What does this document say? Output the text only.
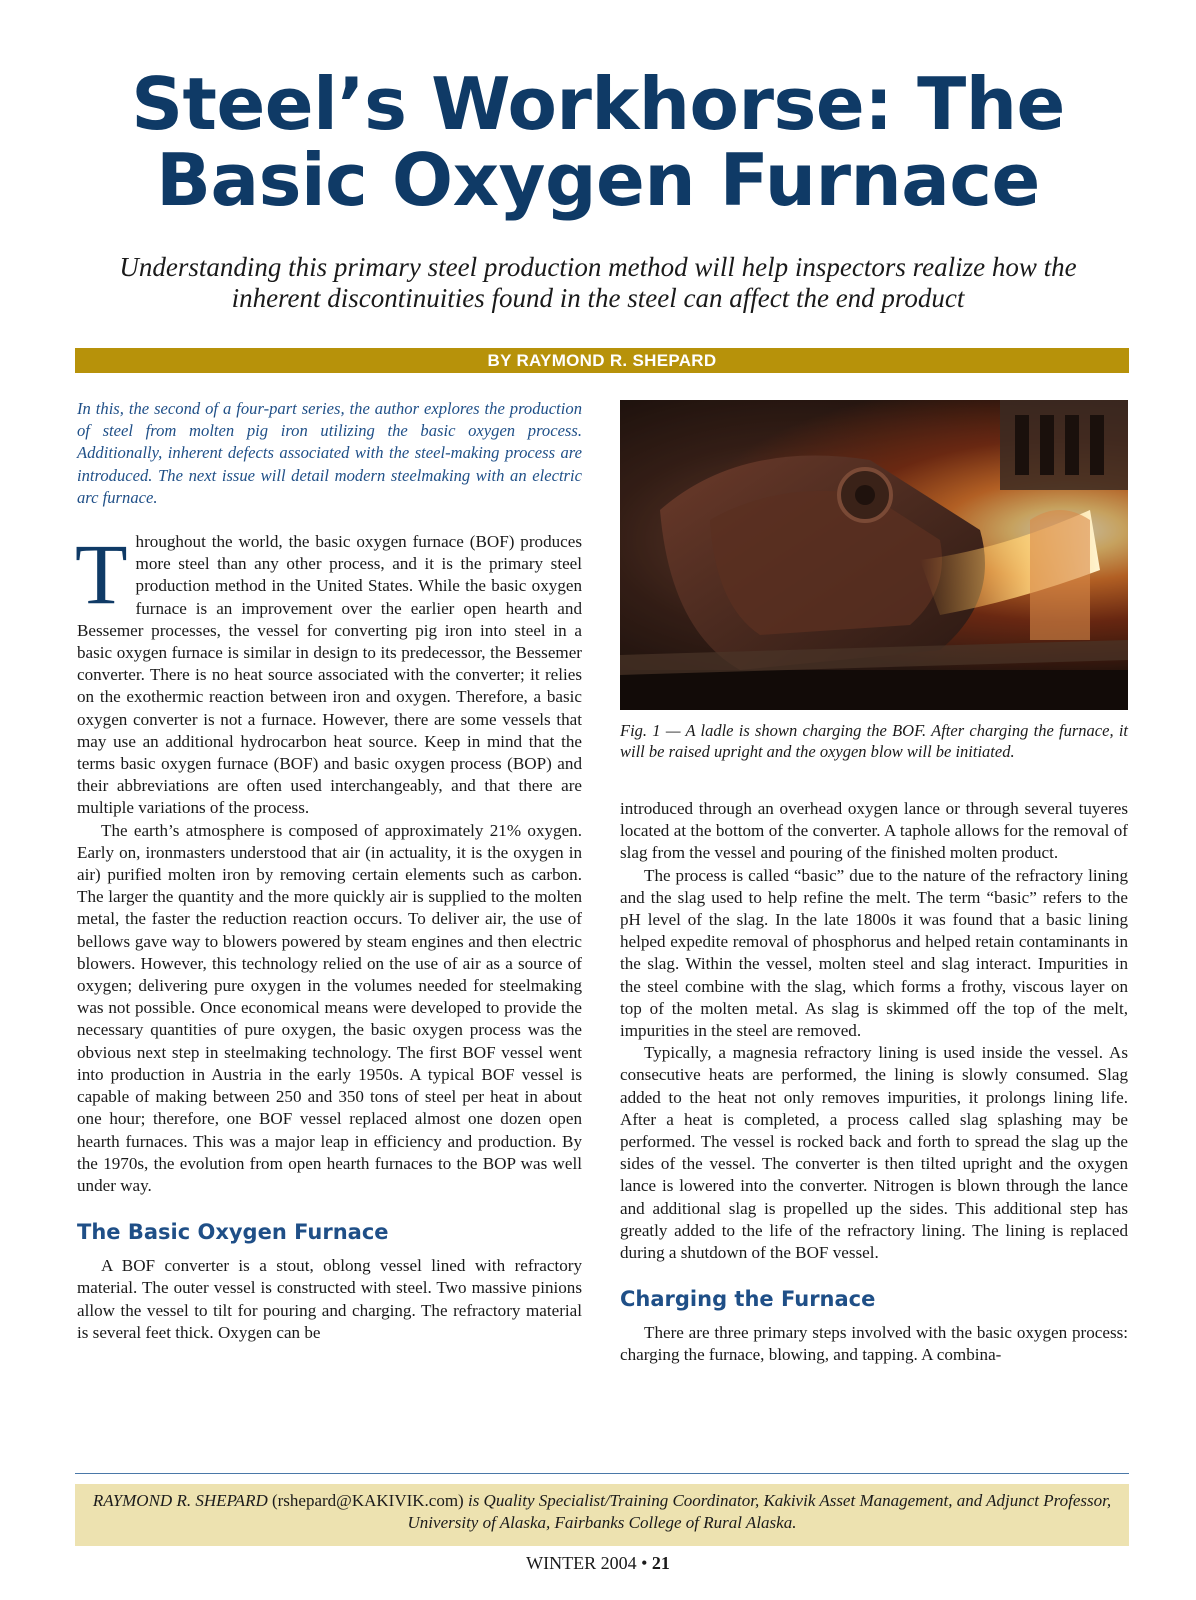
Steel’s Workhorse: The
Basic Oxygen Furnace
Understanding this primary steel production method will help inspectors realize how the inherent discontinuities found in the steel can affect the end product
BY RAYMOND R. SHEPARD

In this, the second of a four-part series, the author explores the production of steel from molten pig iron utilizing the basic oxygen process. Additionally, inherent defects associated with the steel-making process are introduced. The next issue will detail modern steelmaking with an electric arc furnace.

Throughout the world, the basic oxygen furnace (BOF) produces more steel than any other process, and it is the primary steel production method in the United States. While the basic oxygen furnace is an improvement over the earlier open hearth and Bessemer processes, the vessel for converting pig iron into steel in a basic oxygen furnace is similar in design to its predecessor, the Bessemer converter. There is no heat source associated with the converter; it relies on the exothermic reaction between iron and oxygen. Therefore, a basic oxygen converter is not a furnace. However, there are some vessels that may use an additional hydrocarbon heat source. Keep in mind that the terms basic oxygen furnace (BOF) and basic oxygen process (BOP) and their abbreviations are often used interchangeably, and that there are multiple variations of the process.

The earth’s atmosphere is composed of approximately 21% oxygen. Early on, ironmasters understood that air (in actuality, it is the oxygen in air) purified molten iron by removing certain elements such as carbon. The larger the quantity and the more quickly air is supplied to the molten metal, the faster the reduction reaction occurs. To deliver air, the use of bellows gave way to blowers powered by steam engines and then electric blowers. However, this technology relied on the use of air as a source of oxygen; delivering pure oxygen in the volumes needed for steelmaking was not possible. Once economical means were developed to provide the necessary quantities of pure oxygen, the basic oxygen process was the obvious next step in steelmaking technology. The first BOF vessel went into production in Austria in the early 1950s. A typical BOF vessel is capable of making between 250 and 350 tons of steel per heat in about one hour; therefore, one BOF vessel replaced almost one dozen open hearth furnaces. This was a major leap in efficiency and production. By the 1970s, the evolution from open hearth furnaces to the BOP was well under way.

The Basic Oxygen Furnace

A BOF converter is a stout, oblong vessel lined with refractory material. The outer vessel is constructed with steel. Two massive pinions allow the vessel to tilt for pouring and charging. The refractory material is several feet thick. Oxygen can be

Fig. 1 — A ladle is shown charging the BOF. After charging the furnace, it will be raised upright and the oxygen blow will be initiated.

introduced through an overhead oxygen lance or through several tuyeres located at the bottom of the converter. A taphole allows for the removal of slag from the vessel and pouring of the finished molten product.

The process is called “basic” due to the nature of the refractory lining and the slag used to help refine the melt. The term “basic” refers to the pH level of the slag. In the late 1800s it was found that a basic lining helped expedite removal of phosphorus and helped retain contaminants in the slag. Within the vessel, molten steel and slag interact. Impurities in the steel combine with the slag, which forms a frothy, viscous layer on top of the molten metal. As slag is skimmed off the top of the melt, impurities in the steel are removed.

Typically, a magnesia refractory lining is used inside the vessel. As consecutive heats are performed, the lining is slowly consumed. Slag added to the heat not only removes impurities, it prolongs lining life. After a heat is completed, a process called slag splashing may be performed. The vessel is rocked back and forth to spread the slag up the sides of the vessel. The converter is then tilted upright and the oxygen lance is lowered into the converter. Nitrogen is blown through the lance and additional slag is propelled up the sides. This additional step has greatly added to the life of the refractory lining. The lining is replaced during a shutdown of the BOF vessel.

Charging the Furnace

There are three primary steps involved with the basic oxygen process: charging the furnace, blowing, and tapping. A combina-

RAYMOND R. SHEPARD (rshepard@KAKIVIK.com) is Quality Specialist/Training Coordinator, Kakivik Asset Management, and Adjunct Professor, University of Alaska, Fairbanks College of Rural Alaska.
WINTER 2004 • 21
